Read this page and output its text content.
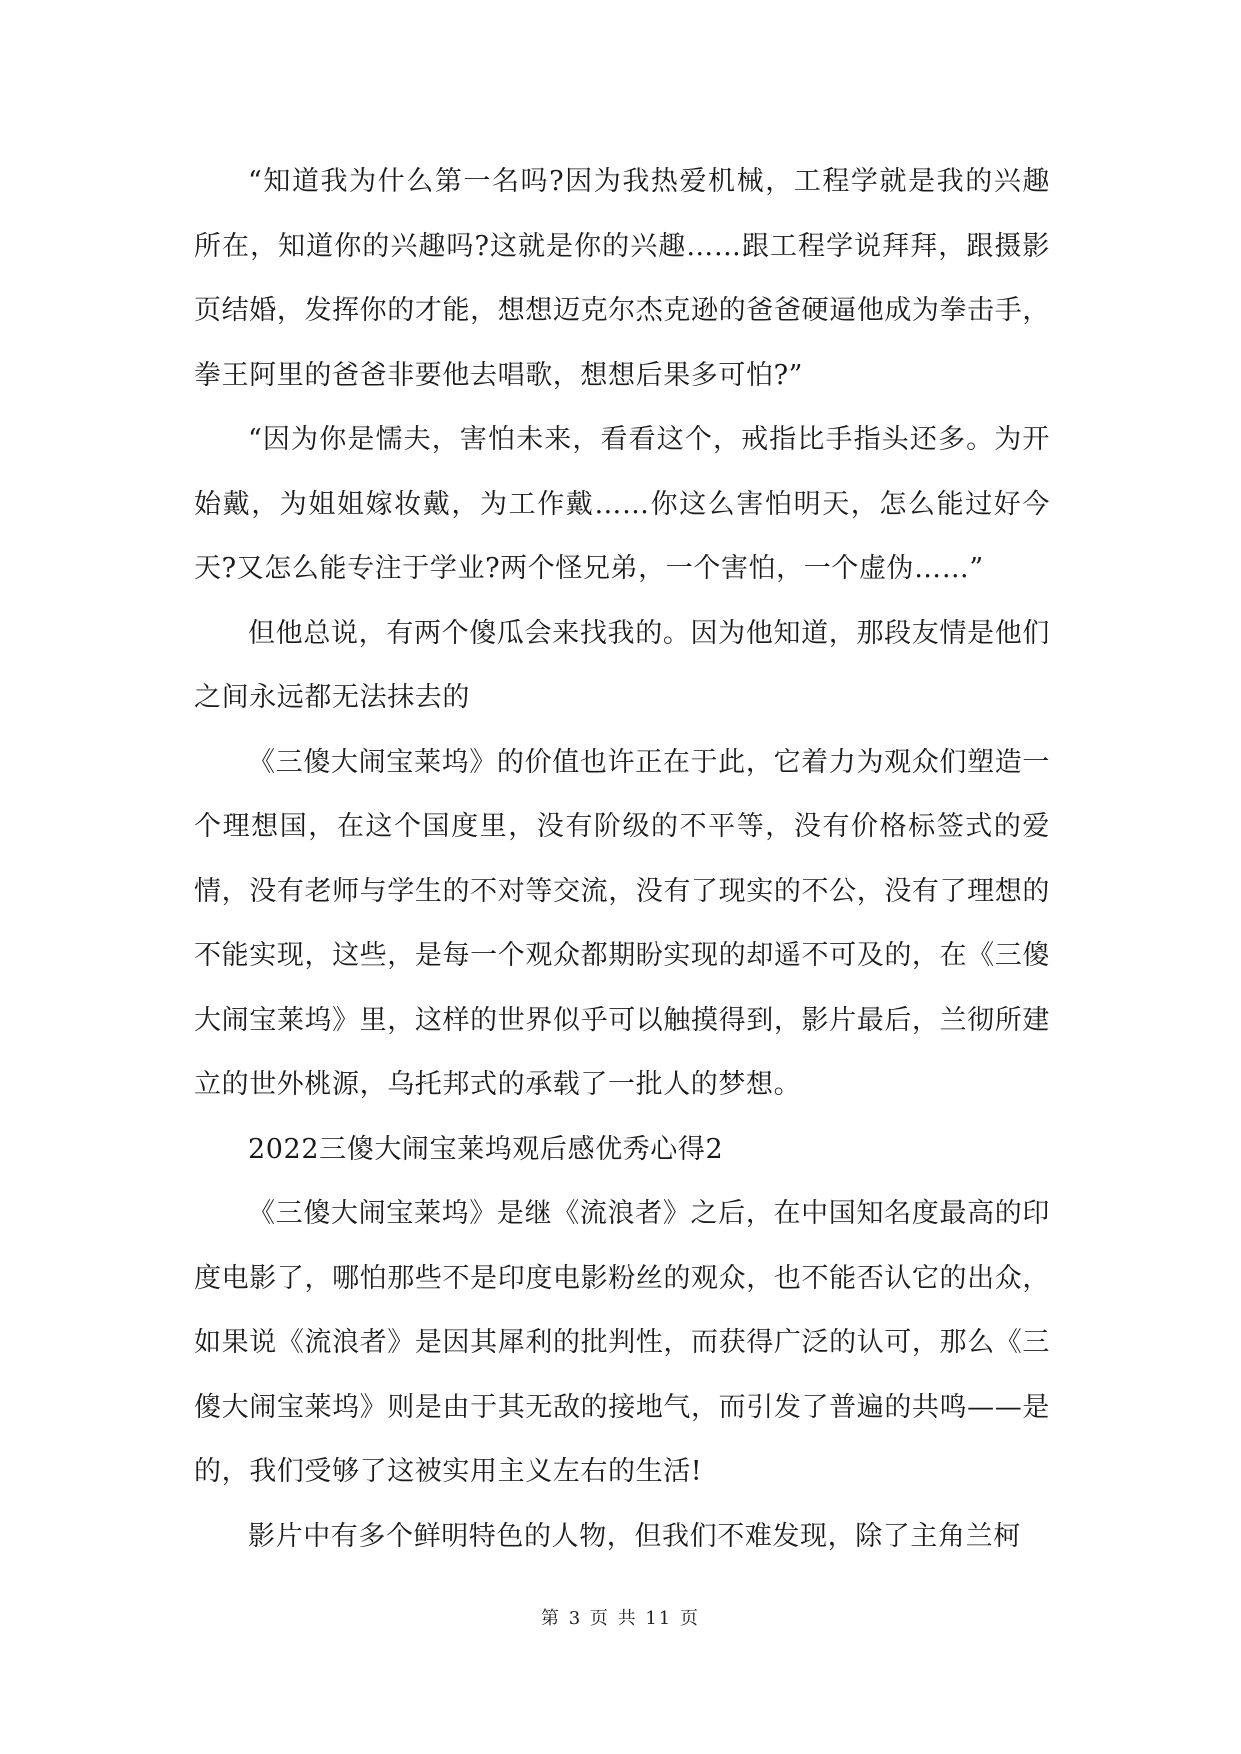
“知道我为什么第一名吗?因为我热爱机械，工程学就是我的兴趣所在，知道你的兴趣吗?这就是你的兴趣……跟工程学说拜拜，跟摄影页结婚，发挥你的才能，想想迈克尔杰克逊的爸爸硬逼他成为拳击手，拳王阿里的爸爸非要他去唱歌，想想后果多可怕?”

“因为你是懦夫，害怕未来，看看这个，戒指比手指头还多。为开始戴，为姐姐嫁妆戴，为工作戴……你这么害怕明天，怎么能过好今天?又怎么能专注于学业?两个怪兄弟，一个害怕，一个虚伪……”

但他总说，有两个傻瓜会来找我的。因为他知道，那段友情是他们之间永远都无法抹去的

《三傻大闹宝莱坞》的价值也许正在于此，它着力为观众们塑造一个理想国，在这个国度里，没有阶级的不平等，没有价格标签式的爱情，没有老师与学生的不对等交流，没有了现实的不公，没有了理想的不能实现，这些，是每一个观众都期盼实现的却遥不可及的，在《三傻大闹宝莱坞》里，这样的世界似乎可以触摸得到，影片最后，兰彻所建立的世外桃源，乌托邦式的承载了一批人的梦想。

2022三傻大闹宝莱坞观后感优秀心得2

《三傻大闹宝莱坞》是继《流浪者》之后，在中国知名度最高的印度电影了，哪怕那些不是印度电影粉丝的观众，也不能否认它的出众，如果说《流浪者》是因其犀利的批判性，而获得广泛的认可，那么《三傻大闹宝莱坞》则是由于其无敌的接地气，而引发了普遍的共鸣——是的，我们受够了这被实用主义左右的生活!

影片中有多个鲜明特色的人物，但我们不难发现，除了主角兰柯

第 3 页 共 11 页
